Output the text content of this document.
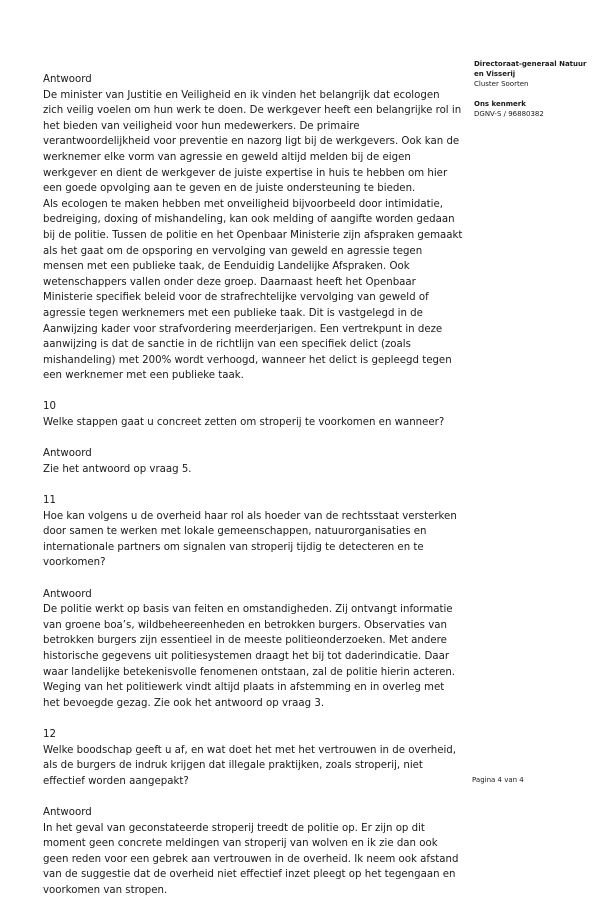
Directoraat-generaal Natuur
en Visserij
Cluster Soorten
Ons kenmerk
DGNV-S / 96880382

Antwoord

De minister van Justitie en Veiligheid en ik vinden het belangrijk dat ecologen zich veilig voelen om hun werk te doen. De werkgever heeft een belangrijke rol in het bieden van veiligheid voor hun medewerkers. De primaire verantwoordelijkheid voor preventie en nazorg ligt bij de werkgevers. Ook kan de werknemer elke vorm van agressie en geweld altijd melden bij de eigen werkgever en dient de werkgever de juiste expertise in huis te hebben om hier een goede opvolging aan te geven en de juiste ondersteuning te bieden.

Als ecologen te maken hebben met onveiligheid bijvoorbeeld door intimidatie, bedreiging, doxing of mishandeling, kan ook melding of aangifte worden gedaan bij de politie. Tussen de politie en het Openbaar Ministerie zijn afspraken gemaakt als het gaat om de opsporing en vervolging van geweld en agressie tegen mensen met een publieke taak, de Eenduidig Landelijke Afspraken. Ook wetenschappers vallen onder deze groep. Daarnaast heeft het Openbaar Ministerie specifiek beleid voor de strafrechtelijke vervolging van geweld of agressie tegen werknemers met een publieke taak. Dit is vastgelegd in de Aanwijzing kader voor strafvordering meerderjarigen. Een vertrekpunt in deze aanwijzing is dat de sanctie in de richtlijn van een specifiek delict (zoals mishandeling) met 200% wordt verhoogd, wanneer het delict is gepleegd tegen een werknemer met een publieke taak.

10

Welke stappen gaat u concreet zetten om stroperij te voorkomen en wanneer?

Antwoord

Zie het antwoord op vraag 5.

11

Hoe kan volgens u de overheid haar rol als hoeder van de rechtsstaat versterken door samen te werken met lokale gemeenschappen, natuurorganisaties en internationale partners om signalen van stroperij tijdig te detecteren en te voorkomen?

Antwoord

De politie werkt op basis van feiten en omstandigheden. Zij ontvangt informatie van groene boa’s, wildbeheereenheden en betrokken burgers. Observaties van betrokken burgers zijn essentieel in de meeste politieonderzoeken. Met andere historische gegevens uit politiesystemen draagt het bij tot daderindicatie. Daar waar landelijke betekenisvolle fenomenen ontstaan, zal de politie hierin acteren. Weging van het politiewerk vindt altijd plaats in afstemming en in overleg met het bevoegde gezag. Zie ook het antwoord op vraag 3.

12

Welke boodschap geeft u af, en wat doet het met het vertrouwen in de overheid, als de burgers de indruk krijgen dat illegale praktijken, zoals stroperij, niet effectief worden aangepakt?

Antwoord

In het geval van geconstateerde stroperij treedt de politie op. Er zijn op dit moment geen concrete meldingen van stroperij van wolven en ik zie dan ook geen reden voor een gebrek aan vertrouwen in de overheid. Ik neem ook afstand van de suggestie dat de overheid niet effectief inzet pleegt op het tegengaan en voorkomen van stropen.

Pagina 4 van 4
